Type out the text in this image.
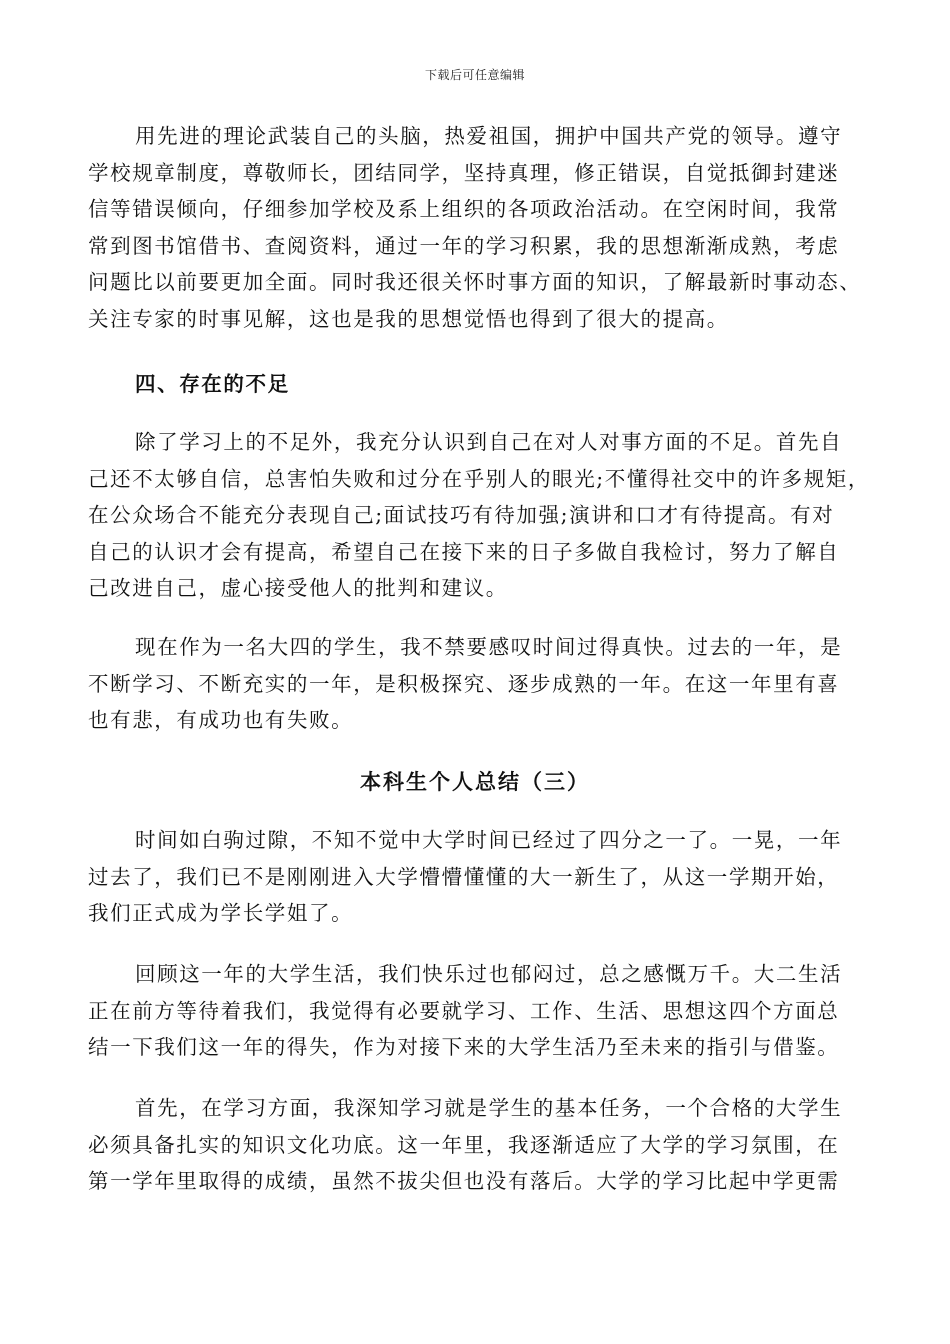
下载后可任意编辑

用先进的理论武装自己的头脑，热爱祖国，拥护中国共产党的领导。遵守
学校规章制度，尊敬师长，团结同学，坚持真理，修正错误，自觉抵御封建迷
信等错误倾向，仔细参加学校及系上组织的各项政治活动。在空闲时间，我常
常到图书馆借书、查阅资料，通过一年的学习积累，我的思想渐渐成熟，考虑
问题比以前要更加全面。同时我还很关怀时事方面的知识，了解最新时事动态、
关注专家的时事见解，这也是我的思想觉悟也得到了很大的提高。

四、存在的不足

除了学习上的不足外，我充分认识到自己在对人对事方面的不足。首先自
己还不太够自信，总害怕失败和过分在乎别人的眼光;不懂得社交中的许多规矩，
在公众场合不能充分表现自己;面试技巧有待加强;演讲和口才有待提高。有对
自己的认识才会有提高，希望自己在接下来的日子多做自我检讨，努力了解自
己改进自己，虚心接受他人的批判和建议。

现在作为一名大四的学生，我不禁要感叹时间过得真快。过去的一年，是
不断学习、不断充实的一年，是积极探究、逐步成熟的一年。在这一年里有喜
也有悲，有成功也有失败。

本科生个人总结（三）

时间如白驹过隙，不知不觉中大学时间已经过了四分之一了。一晃，一年
过去了，我们已不是刚刚进入大学懵懵懂懂的大一新生了，从这一学期开始，
我们正式成为学长学姐了。

回顾这一年的大学生活，我们快乐过也郁闷过，总之感慨万千。大二生活
正在前方等待着我们，我觉得有必要就学习、工作、生活、思想这四个方面总
结一下我们这一年的得失，作为对接下来的大学生活乃至未来的指引与借鉴。

首先，在学习方面，我深知学习就是学生的基本任务，一个合格的大学生
必须具备扎实的知识文化功底。这一年里，我逐渐适应了大学的学习氛围，在
第一学年里取得的成绩，虽然不拔尖但也没有落后。大学的学习比起中学更需
